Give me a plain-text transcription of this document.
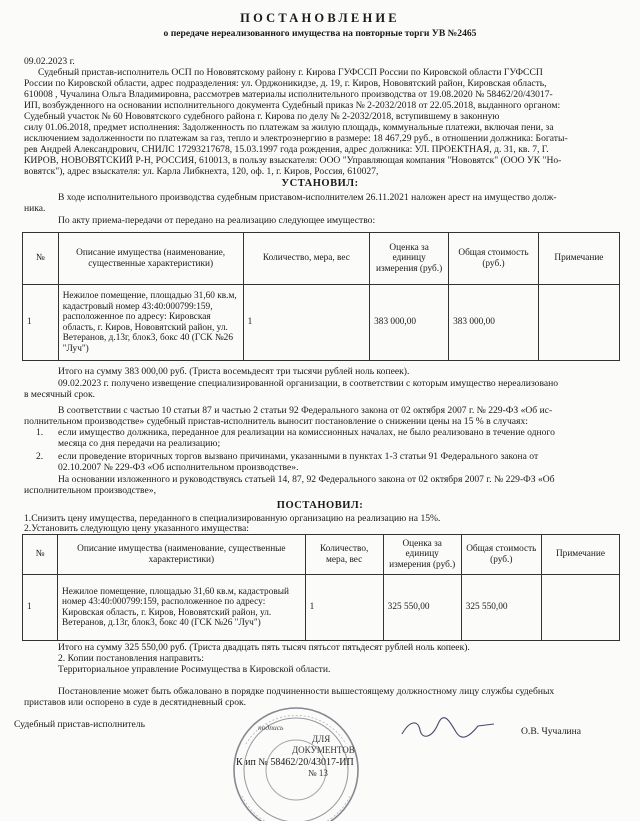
ПОСТАНОВЛЕНИЕ
о передаче нереализованного имущества на повторные торги УВ №2465
09.02.2023 г.
Судебный пристав-исполнитель ОСП по Нововятскому району г. Кирова ГУФССП России по Кировской области ГУФССП
России по Кировской области, адрес подразделения: ул. Орджоникидзе, д. 19, г. Киров, Нововятский район, Кировская область,
610008 , Чучалина Ольга Владимировна, рассмотрев материалы исполнительного производства от 19.08.2020 № 58462/20/43017-
ИП, возбужденного на основании исполнительного документа Судебный приказ № 2-2032/2018 от 22.05.2018, выданного органом:
Судебный участок № 60 Нововятского судебного района г. Кирова по делу № 2-2032/2018, вступившему в законную
силу 01.06.2018, предмет исполнения: Задолженность по платежам за жилую площадь, коммунальные платежи, включая пени, за
исключением задолженности по платежам за газ, тепло и электроэнергию в размере: 18 467,29 руб., в отношении должника: Богаты-
рев Андрей Александрович, СНИЛС 17293217678, 15.03.1997 года рождения, адрес должника: УЛ. ПРОЕКТНАЯ, д. 31, кв. 7, Г.
КИРОВ, НОВОВЯТСКИЙ Р-Н, РОССИЯ, 610013, в пользу взыскателя: ООО "Управляющая компания "Нововятск" (ООО УК "Но-
вовятск"), адрес взыскателя: ул. Карла Либкнехта, 120, оф. 1, г. Киров, Россия, 610027,
УСТАНОВИЛ:
В ходе исполнительного производства судебным приставом-исполнителем 26.11.2021 наложен арест на имущество долж-
ника.
По акту приема-передачи от передано на реализацию следующее имущество:
№	Описание имущества (наименование, существенные характеристики)	Количество, мера, вес	Оценка за единицу измерения (руб.)	Общая стоимость (руб.)	Примечание
1	Нежилое помещение, площадью 31,60 кв.м, кадастровый номер 43:40:000799:159, расположенное по адресу: Кировская область, г. Киров, Нововятский район, ул. Ветеранов, д.13г, блок3, бокс 40 (ГСК №26 "Луч")	1	383 000,00	383 000,00	
Итого на сумму 383 000,00 руб. (Триста восемьдесят три тысячи рублей ноль копеек).
09.02.2023 г. получено извещение специализированной организации, в соответствии с которым имущество нереализовано
в месячный срок.
В соответствии с частью 10 статьи 87 и частью 2 статьи 92 Федерального закона от 02 октября 2007 г. № 229-ФЗ «Об ис-
полнительном производстве» судебный пристав-исполнитель выносит постановление о снижении цены на 15 % в случаях:
1. если имущество должника, переданное для реализации на комиссионных началах, не было реализовано в течение одного
месяца со дня передачи на реализацию;
2. если проведение вторичных торгов вызвано причинами, указанными в пунктах 1-3 статьи 91 Федерального закона от
02.10.2007 № 229-ФЗ «Об исполнительном производстве».
На основании изложенного и руководствуясь статьей 14, 87, 92 Федерального закона от 02 октября 2007 г. № 229-ФЗ «Об
исполнительном производстве»,
ПОСТАНОВИЛ:
1.Снизить цену имущества, переданного в специализированную организацию на реализацию на 15%.
2.Установить следующую цену указанного имущества:
№	Описание имущества (наименование, существенные характеристики)	Количество, мера, вес	Оценка за единицу измерения (руб.)	Общая стоимость (руб.)	Примечание
1	Нежилое помещение, площадью 31,60 кв.м, кадастровый номер 43:40:000799:159, расположенное по адресу: Кировская область, г. Киров, Нововятский район, ул. Ветеранов, д.13г, блок3, бокс 40 (ГСК №26 "Луч")	1	325 550,00	325 550,00	
Итого на сумму 325 550,00 руб. (Триста двадцать пять тысяч пятьсот пятьдесят рублей ноль копеек).
2. Копии постановления направить:
Территориальное управление Росимущества в Кировской области.
Постановление может быть обжаловано в порядке подчиненности вышестоящему должностному лицу службы судебных
приставов или оспорено в суде в десятидневный срок.
Судебный пристав-исполнитель
О.В. Чучалина
подпись
ДЛЯ
ДОКУМЕНТОВ
№ 13
К ип № 58462/20/43017-ИП
